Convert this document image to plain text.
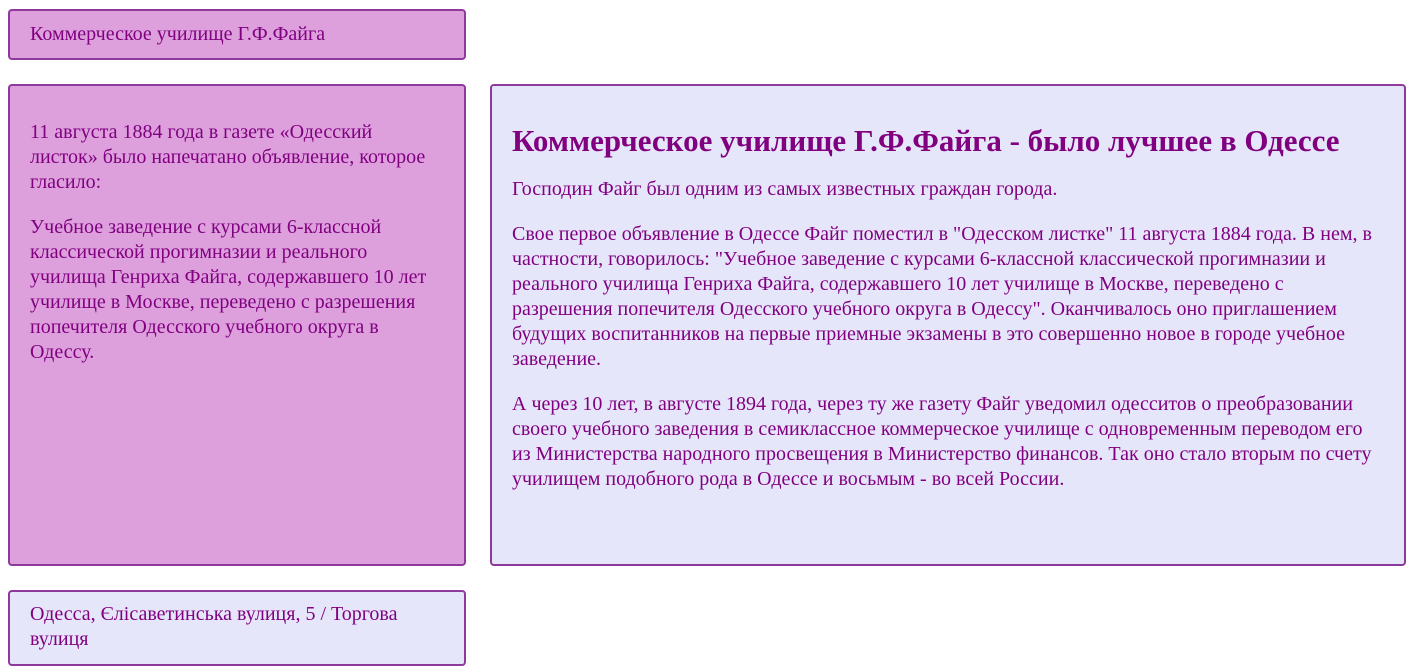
Коммерческое училище Г.Ф.Файга

11 августа 1884 года в газете «Одесский листок» было напечатано объявление, которое гласило:

Учебное заведение с курсами 6-классной классической прогимназии и реального училища Генриха Файга, содержавшего 10 лет училище в Москве, переведено с разрешения попечителя Одесского учебного округа в Одессу.

Коммерческое училище Г.Ф.Файга - было лучшее в Одессе

Господин Файг был одним из самых известных граждан города.

Свое первое объявление в Одессе Файг поместил в "Одесском листке" 11 августа 1884 года. В нем, в частности, говорилось: "Учебное заведение с курсами 6-классной классической прогимназии и реального училища Генриха Файга, содержавшего 10 лет училище в Москве, переведено с разрешения попечителя Одесского учебного округа в Одессу". Оканчивалось оно приглашением будущих воспитанников на первые приемные экзамены в это совершенно новое в городе учебное заведение.

А через 10 лет, в августе 1894 года, через ту же газету Файг уведомил одесситов о преобразовании своего учебного заведения в семиклассное коммерческое училище с одновременным переводом его из Министерства народного просвещения в Министерство финансов. Так оно стало вторым по счету училищем подобного рода в Одессе и восьмым - во всей России.

Одесса, Єлісаветинська вулиця, 5 / Торгова вулиця
